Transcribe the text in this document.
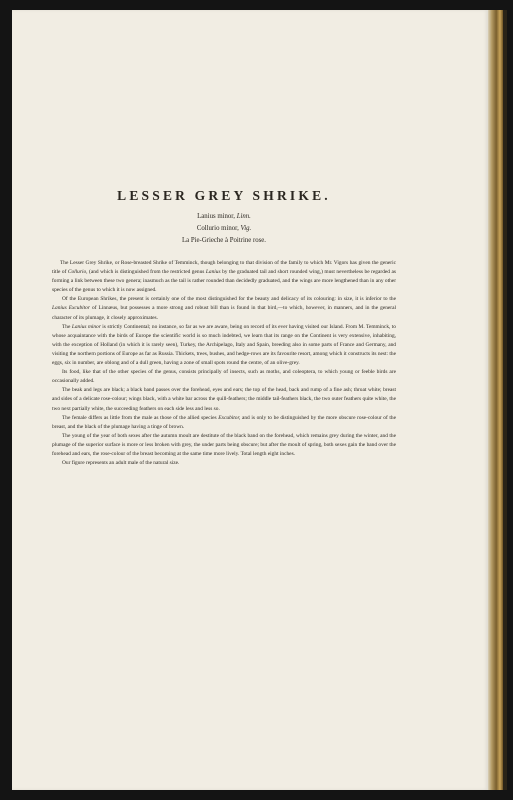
LESSER GREY SHRIKE.
Lanius minor, Linn.
Collurio minor, Vig.
La Pie-Grieche à Poitrine rose.

The Lesser Grey Shrike, or Rose-breasted Shrike of Temminck, though belonging to that division of the family to which Mr. Vigors has given the generic title of Collurio, (and which is distinguished from the restricted genus Lanius by the graduated tail and short rounded wing,) must nevertheless be regarded as forming a link between these two genera; inasmuch as the tail is rather rounded than decidedly graduated, and the wings are more lengthened than in any other species of the genus to which it is now assigned.

Of the European Shrikes, the present is certainly one of the most distinguished for the beauty and delicacy of its colouring: in size, it is inferior to the Lanius Excubitor of Linnæus, but possesses a more strong and robust bill than is found in that bird,—to which, however, in manners, and in the general character of its plumage, it closely approximates.

The Lanius minor is strictly Continental; no instance, so far as we are aware, being on record of its ever having visited our Island. From M. Temminck, to whose acquaintance with the birds of Europe the scientific world is so much indebted, we learn that its range on the Continent is very extensive, inhabiting, with the exception of Holland (in which it is rarely seen), Turkey, the Archipelago, Italy and Spain, breeding also in some parts of France and Germany, and visiting the northern portions of Europe as far as Russia. Thickets, trees, bushes, and hedge-rows are its favourite resort, among which it constructs its nest: the eggs, six in number, are oblong and of a dull green, having a zone of small spots round the centre, of an olive-grey.

Its food, like that of the other species of the genus, consists principally of insects, such as moths, and coleoptera, to which young or feeble birds are occasionally added.

The beak and legs are black; a black band passes over the forehead, eyes and ears; the top of the head, back and rump of a fine ash; throat white; breast and sides of a delicate rose-colour; wings black, with a white bar across the quill-feathers; the middle tail-feathers black, the two outer feathers quite white, the two next partially white, the succeeding feathers on each side less and less so.

The female differs as little from the male as those of the allied species Excubitor, and is only to be distinguished by the more obscure rose-colour of the breast, and the black of the plumage having a tinge of brown.

The young of the year of both sexes after the autumn moult are destitute of the black band on the forehead, which remains grey during the winter, and the plumage of the superior surface is more or less broken with grey, the under parts being obscure; but after the moult of spring, both sexes gain the band over the forehead and ears, the rose-colour of the breast becoming at the same time more lively. Total length eight inches.

Our figure represents an adult male of the natural size.
